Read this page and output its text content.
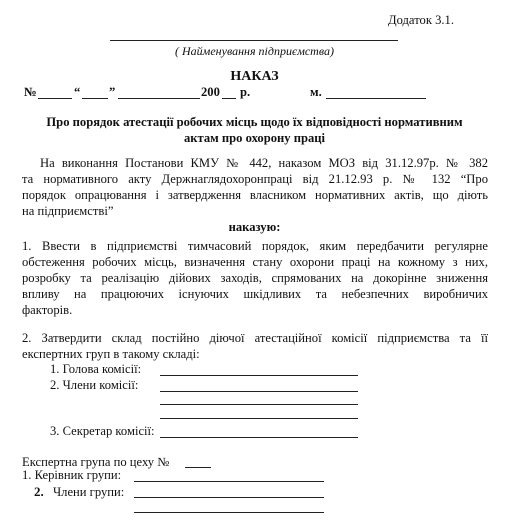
Додаток 3.1.
( Найменування підприємства)
НАКАЗ
№	“ ”	200 р.	м.
Про порядок атестації робочих місць щодо їх відповідності нормативним
актам про охорону праці
На виконання Постанови КМУ № 442, наказом МОЗ від 31.12.97р. № 382
та нормативного акту Держнаглядохоронпраці від 21.12.93 р. № 132 “Про
порядок опрацювання і затвердження власником нормативних актів, що діють
на підприємстві”
наказую:
1. Ввести в підприємстві тимчасовий порядок, яким передбачити регулярне
обстеження робочих місць, визначення стану охорони праці на кожному з них,
розробку та реалізацію дійових заходів, спрямованих на докорінне зниження
впливу на працюючих існуючих шкідливих та небезпечних виробничих
факторів.
2. Затвердити склад постійно діючої атестаційної комісії підприємства та її
експертних груп в такому складі:
1. Голова комісії:
2. Члени комісії:
3. Секретар комісії:
Експертна група по цеху №
1. Керівник групи:
2. Члени групи:
